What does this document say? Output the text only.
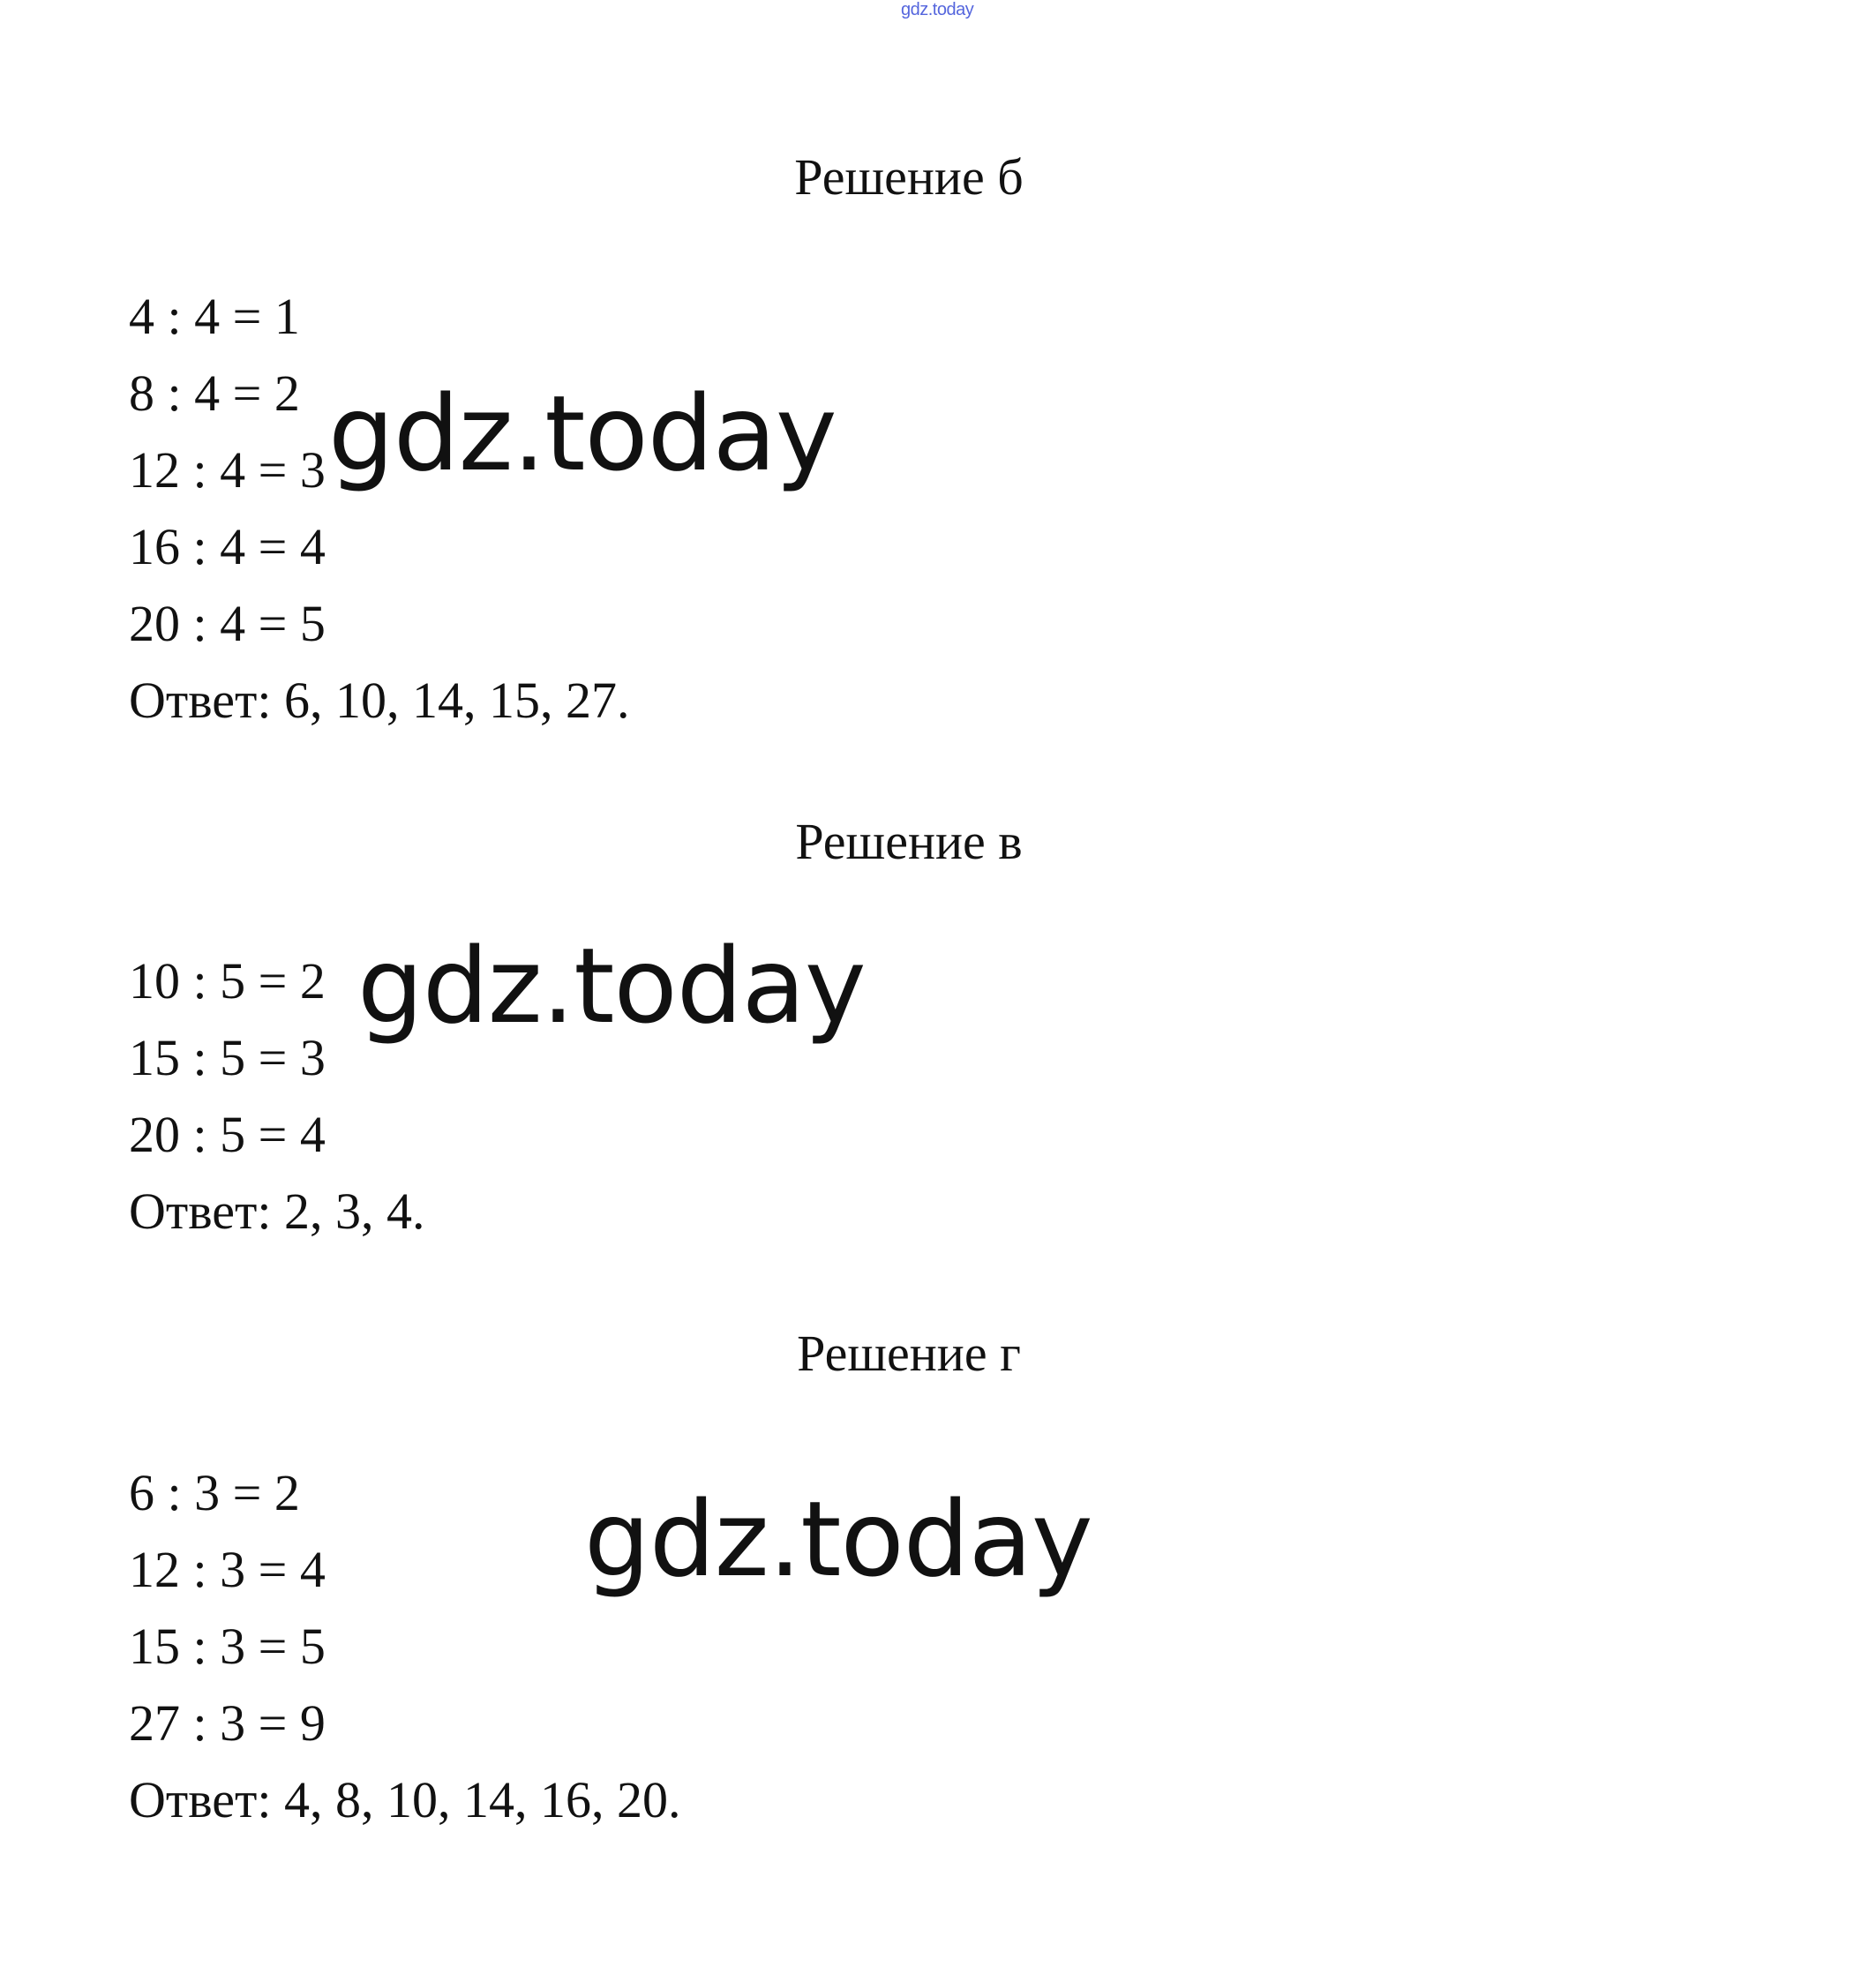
gdz.today
Решение б
4 : 4 = 1
8 : 4 = 2
12 : 4 = 3
16 : 4 = 4
20 : 4 = 5
Ответ: 6, 10, 14, 15, 27.
gdz.today
Решение в
10 : 5 = 2
15 : 5 = 3
20 : 5 = 4
Ответ: 2, 3, 4.
gdz.today
Решение г
6 : 3 = 2
12 : 3 = 4
15 : 3 = 5
27 : 3 = 9
Ответ: 4, 8, 10, 14, 16, 20.
gdz.today
